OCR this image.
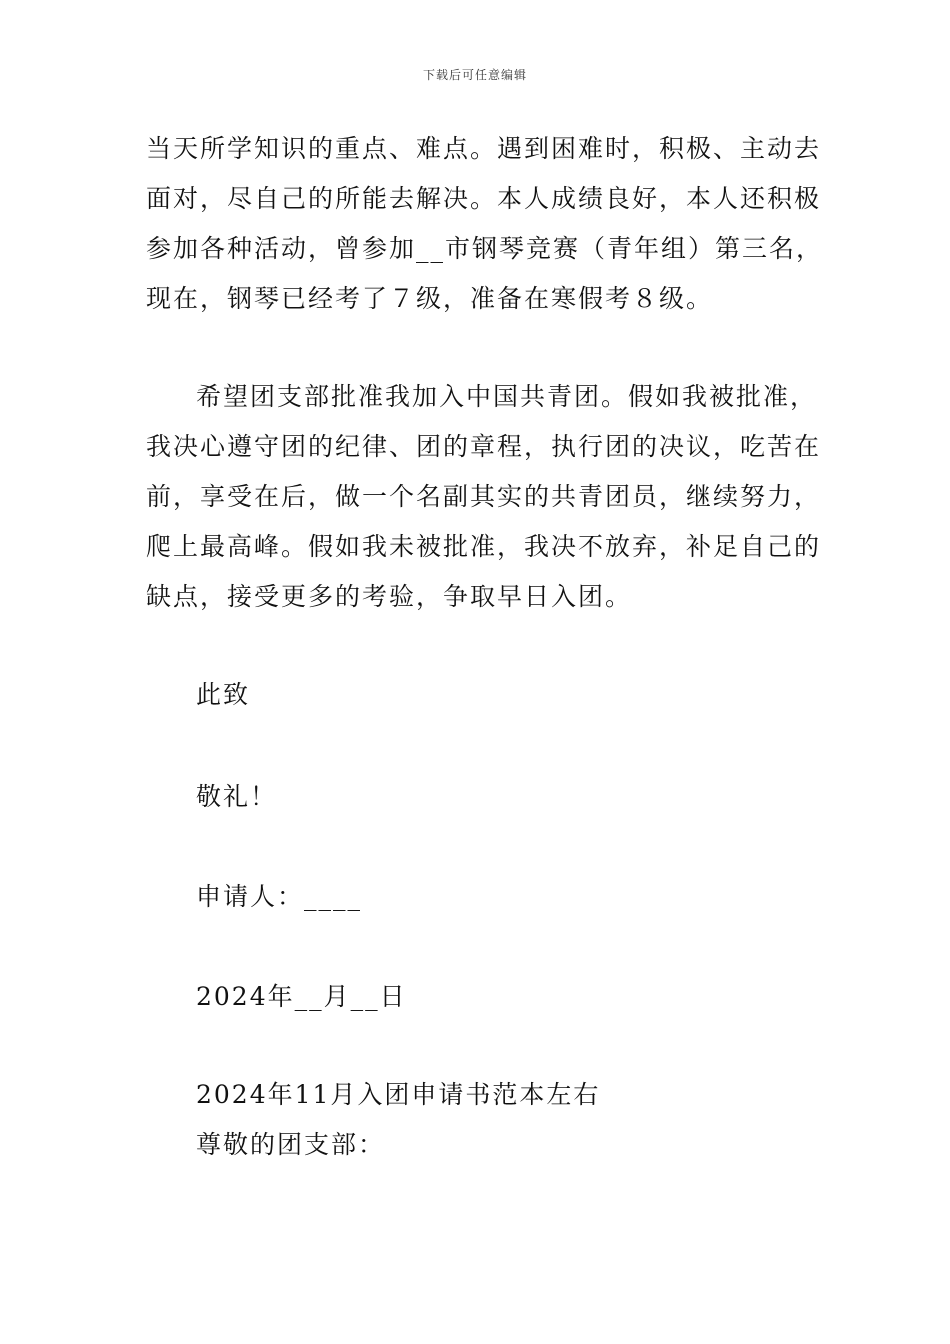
下载后可任意编辑
当天所学知识的重点、难点。遇到困难时，积极、主动去
面对，尽自己的所能去解决。本人成绩良好，本人还积极
参加各种活动，曾参加__市钢琴竞赛（青年组）第三名，
现在，钢琴已经考了７级，准备在寒假考８级。
希望团支部批准我加入中国共青团。假如我被批准，
我决心遵守团的纪律、团的章程，执行团的决议，吃苦在
前，享受在后，做一个名副其实的共青团员，继续努力，
爬上最高峰。假如我未被批准，我决不放弃，补足自己的
缺点，接受更多的考验，争取早日入团。
此致
敬礼！
申请人：____
2024年__月__日
2024年11月入团申请书范本左右
尊敬的团支部：
